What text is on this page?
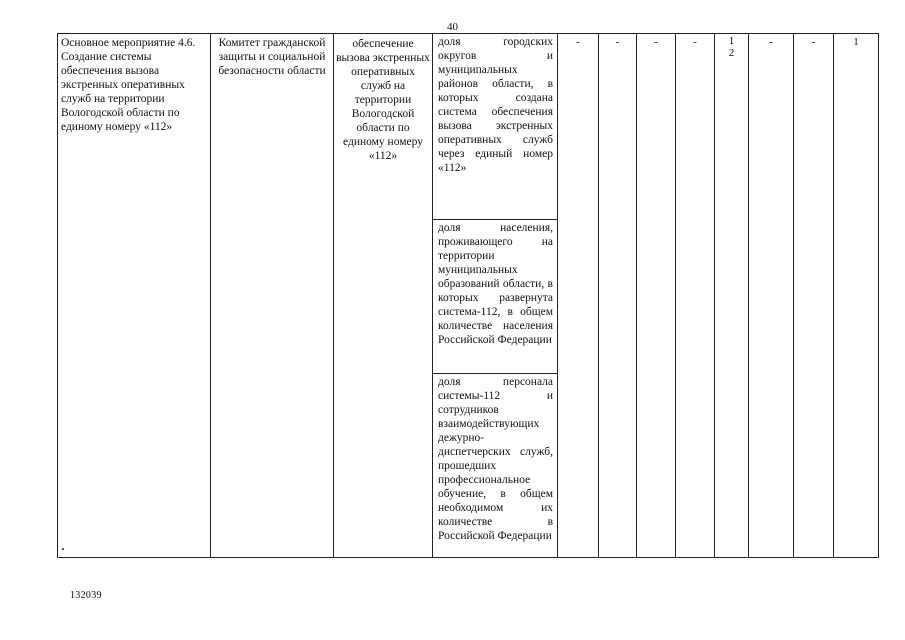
40
Основное мероприятие 4.6. Создание системы обеспечения вызова экстренных оперативных служб на территории Вологодской области по единому номеру «112»	Комитет гражданской защиты и социальной безопасности области	обеспечение вызова экстренных оперативных служб на территории Вологодской области по единому номеру «112»	доля городских округов и муниципальных районов области, в которых создана система обеспечения вызова экстренных оперативных служб через единый номер «112»	-	-	-	-	1 2	-	-	1
доля населения, проживающего на территории муниципальных образований области, в которых развернута система-112, в общем количестве населения Российской Федерации
доля персонала системы-112 и сотрудников взаимодействующих дежурно-диспетчерских служб, прошедших профессиональное обучение, в общем необходимом их количестве в Российской Федерации
132039
